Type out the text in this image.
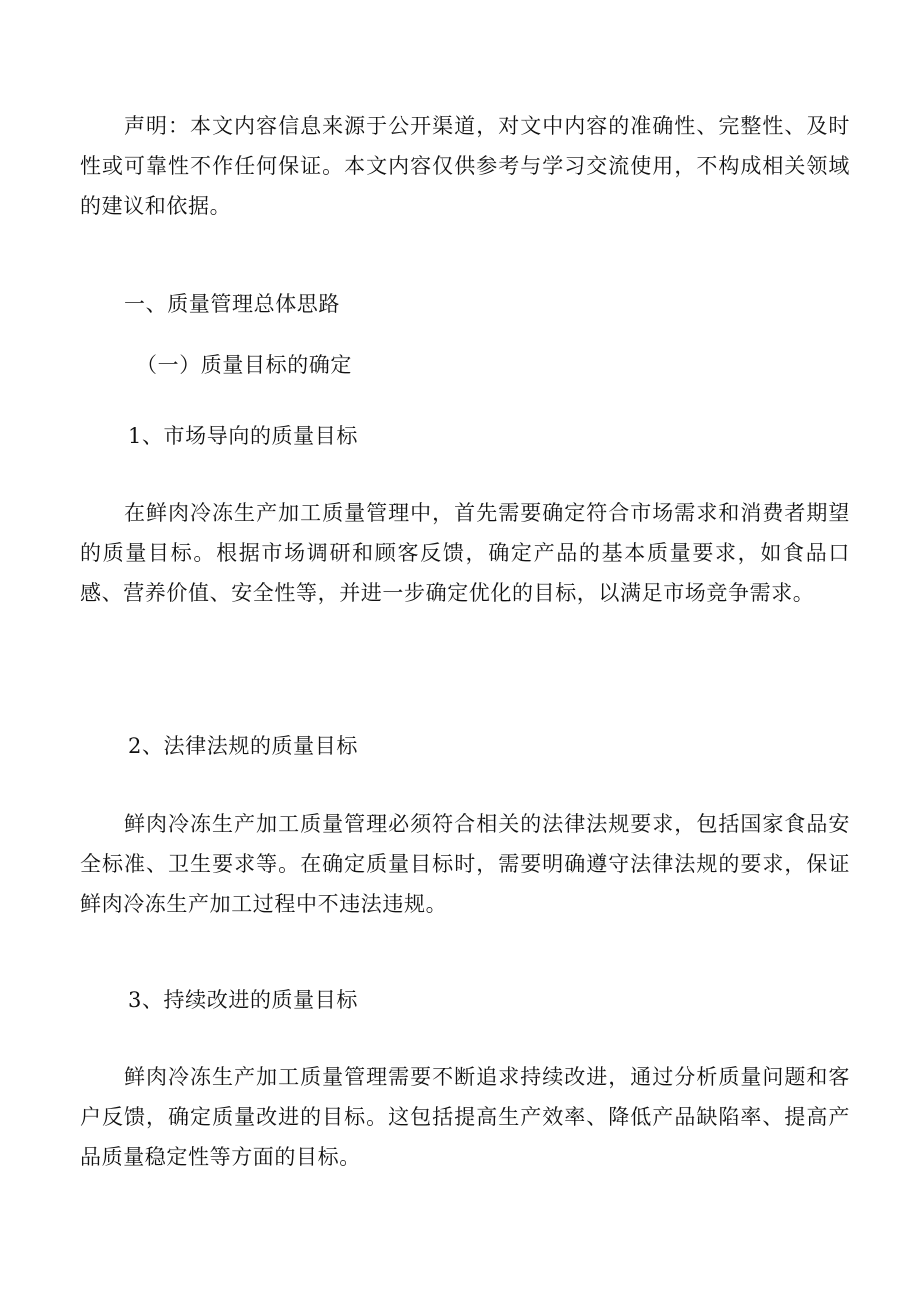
声明：本文内容信息来源于公开渠道，对文中内容的准确性、完整性、及时性或可靠性不作任何保证。本文内容仅供参考与学习交流使用，不构成相关领域的建议和依据。

一、质量管理总体思路

（一）质量目标的确定

1、市场导向的质量目标

在鲜肉冷冻生产加工质量管理中，首先需要确定符合市场需求和消费者期望的质量目标。根据市场调研和顾客反馈，确定产品的基本质量要求，如食品口感、营养价值、安全性等，并进一步确定优化的目标，以满足市场竞争需求。

2、法律法规的质量目标

鲜肉冷冻生产加工质量管理必须符合相关的法律法规要求，包括国家食品安全标准、卫生要求等。在确定质量目标时，需要明确遵守法律法规的要求，保证鲜肉冷冻生产加工过程中不违法违规。

3、持续改进的质量目标

鲜肉冷冻生产加工质量管理需要不断追求持续改进，通过分析质量问题和客户反馈，确定质量改进的目标。这包括提高生产效率、降低产品缺陷率、提高产品质量稳定性等方面的目标。
